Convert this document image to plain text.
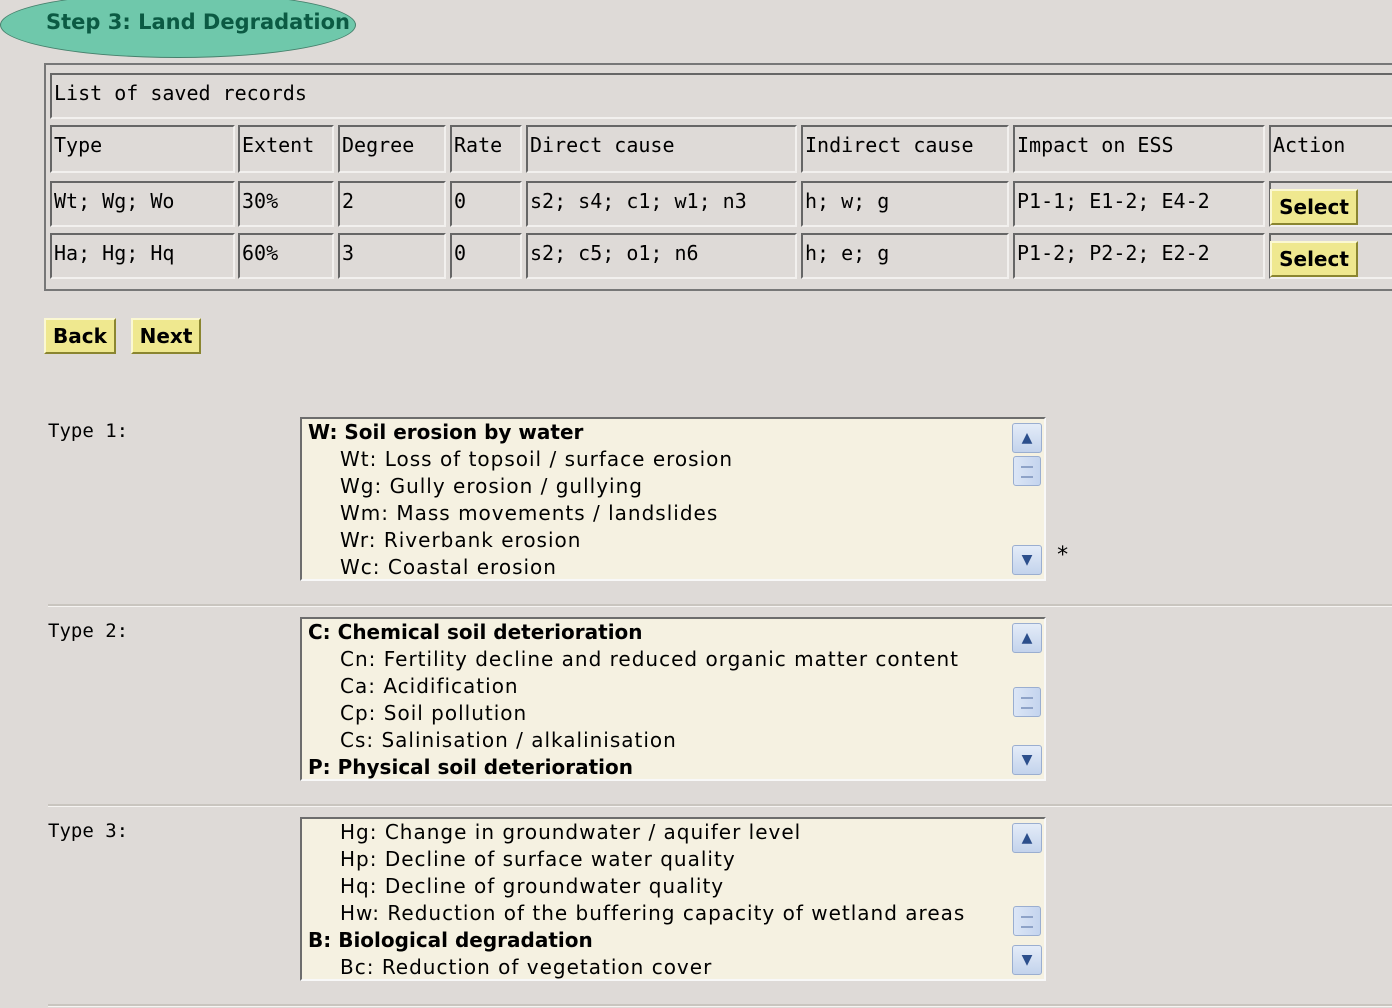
Step 3: Land Degradation
List of saved records
Type	Extent	Degree	Rate	Direct cause	Indirect cause	Impact on ESS	Action
Wt; Wg; Wo	30%	2	0	s2; s4; c1; w1; n3	h; w; g	P1-1; E1-2; E4-2	Select
Ha; Hg; Hq	60%	3	0	s2; c5; o1; n6	h; e; g	P1-2; P2-2; E2-2	Select
Back	Next
Type 1:	W: Soil erosion by water
Wt: Loss of topsoil / surface erosion
Wg: Gully erosion / gullying
Wm: Mass movements / landslides
Wr: Riverbank erosion
Wc: Coastal erosion
▲
▼	*
Type 2:	C: Chemical soil deterioration
Cn: Fertility decline and reduced organic matter content
Ca: Acidification
Cp: Soil pollution
Cs: Salinisation / alkalinisation
P: Physical soil deterioration
▲
▼
Type 3:	Hg: Change in groundwater / aquifer level
Hp: Decline of surface water quality
Hq: Decline of groundwater quality
Hw: Reduction of the buffering capacity of wetland areas
B: Biological degradation
Bc: Reduction of vegetation cover
▲
▼
